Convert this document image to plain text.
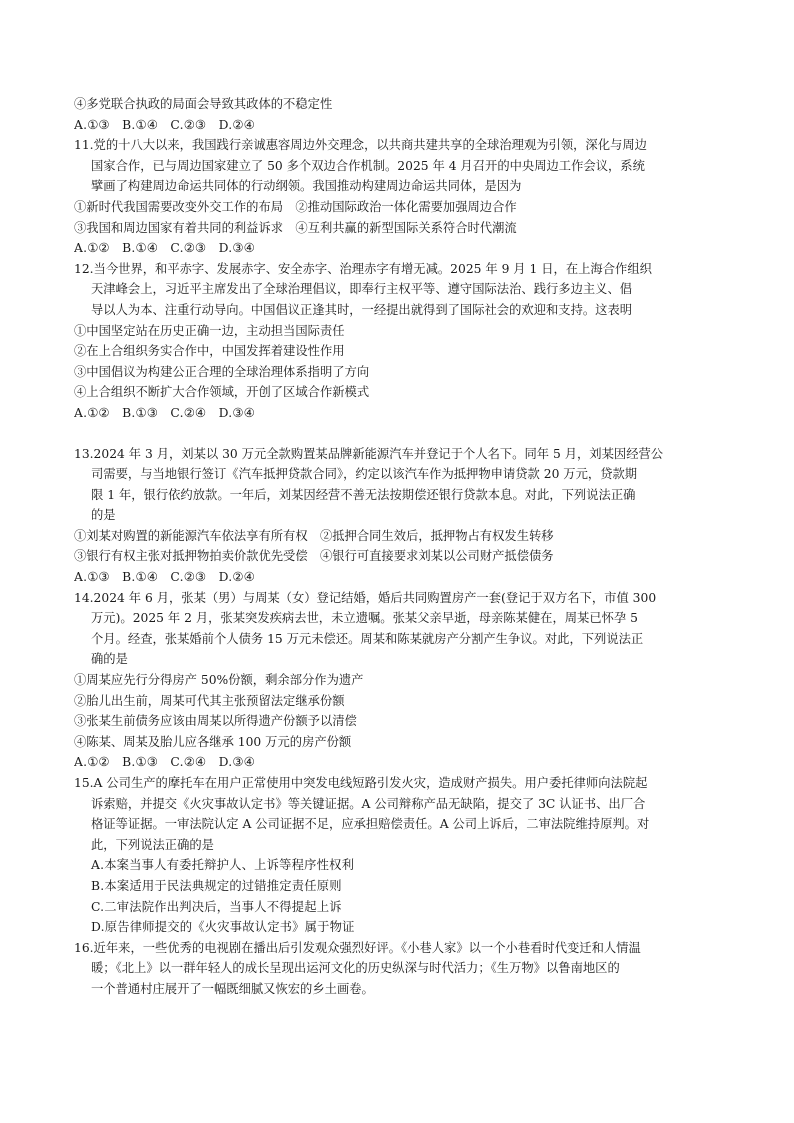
④多党联合执政的局面会导致其政体的不稳定性
A.①③　B.①④　C.②③　D.②④
11.党的十八大以来，我国践行亲诚惠容周边外交理念，以共商共建共享的全球治理观为引领，深化与周边
国家合作，已与周边国家建立了 50 多个双边合作机制。2025 年 4 月召开的中央周边工作会议，系统
擘画了构建周边命运共同体的行动纲领。我国推动构建周边命运共同体，是因为
①新时代我国需要改变外交工作的布局　②推动国际政治一体化需要加强周边合作
③我国和周边国家有着共同的利益诉求　④互利共赢的新型国际关系符合时代潮流
A.①②　B.①④　C.②③　D.③④
12.当今世界，和平赤字、发展赤字、安全赤字、治理赤字有增无减。2025 年 9 月 1 日，在上海合作组织
天津峰会上，习近平主席发出了全球治理倡议，即奉行主权平等、遵守国际法治、践行多边主义、倡
导以人为本、注重行动导向。中国倡议正逢其时，一经提出就得到了国际社会的欢迎和支持。这表明
①中国坚定站在历史正确一边，主动担当国际责任
②在上合组织务实合作中，中国发挥着建设性作用
③中国倡议为构建公正合理的全球治理体系指明了方向
④上合组织不断扩大合作领域，开创了区域合作新模式
A.①②　B.①③　C.②④　D.③④
13.2024 年 3 月，刘某以 30 万元全款购置某品牌新能源汽车并登记于个人名下。同年 5 月，刘某因经营公
司需要，与当地银行签订《汽车抵押贷款合同》，约定以该汽车作为抵押物申请贷款 20 万元，贷款期
限 1 年，银行依约放款。一年后，刘某因经营不善无法按期偿还银行贷款本息。对此，下列说法正确
的是
①刘某对购置的新能源汽车依法享有所有权　②抵押合同生效后，抵押物占有权发生转移
③银行有权主张对抵押物拍卖价款优先受偿　④银行可直接要求刘某以公司财产抵偿债务
A.①③　B.①④　C.②③　D.②④
14.2024 年 6 月，张某（男）与周某（女）登记结婚，婚后共同购置房产一套(登记于双方名下，市值 300
万元)。2025 年 2 月，张某突发疾病去世，未立遗嘱。张某父亲早逝，母亲陈某健在，周某已怀孕 5
个月。经查，张某婚前个人债务 15 万元未偿还。周某和陈某就房产分割产生争议。对此，下列说法正
确的是
①周某应先行分得房产 50%份额，剩余部分作为遗产
②胎儿出生前，周某可代其主张预留法定继承份额
③张某生前债务应该由周某以所得遗产份额予以清偿
④陈某、周某及胎儿应各继承 100 万元的房产份额
A.①②　B.①③　C.②④　D.③④
15.A 公司生产的摩托车在用户正常使用中突发电线短路引发火灾，造成财产损失。用户委托律师向法院起
诉索赔，并提交《火灾事故认定书》等关键证据。A 公司辩称产品无缺陷，提交了 3C 认证书、出厂合
格证等证据。一审法院认定 A 公司证据不足，应承担赔偿责任。A 公司上诉后，二审法院维持原判。对
此，下列说法正确的是
A.本案当事人有委托辩护人、上诉等程序性权利
B.本案适用于民法典规定的过错推定责任原则
C.二审法院作出判决后，当事人不得提起上诉
D.原告律师提交的《火灾事故认定书》属于物证
16.近年来，一些优秀的电视剧在播出后引发观众强烈好评。《小巷人家》以一个小巷看时代变迁和人情温
暖；《北上》以一群年轻人的成长呈现出运河文化的历史纵深与时代活力；《生万物》以鲁南地区的
一个普通村庄展开了一幅既细腻又恢宏的乡土画卷。
